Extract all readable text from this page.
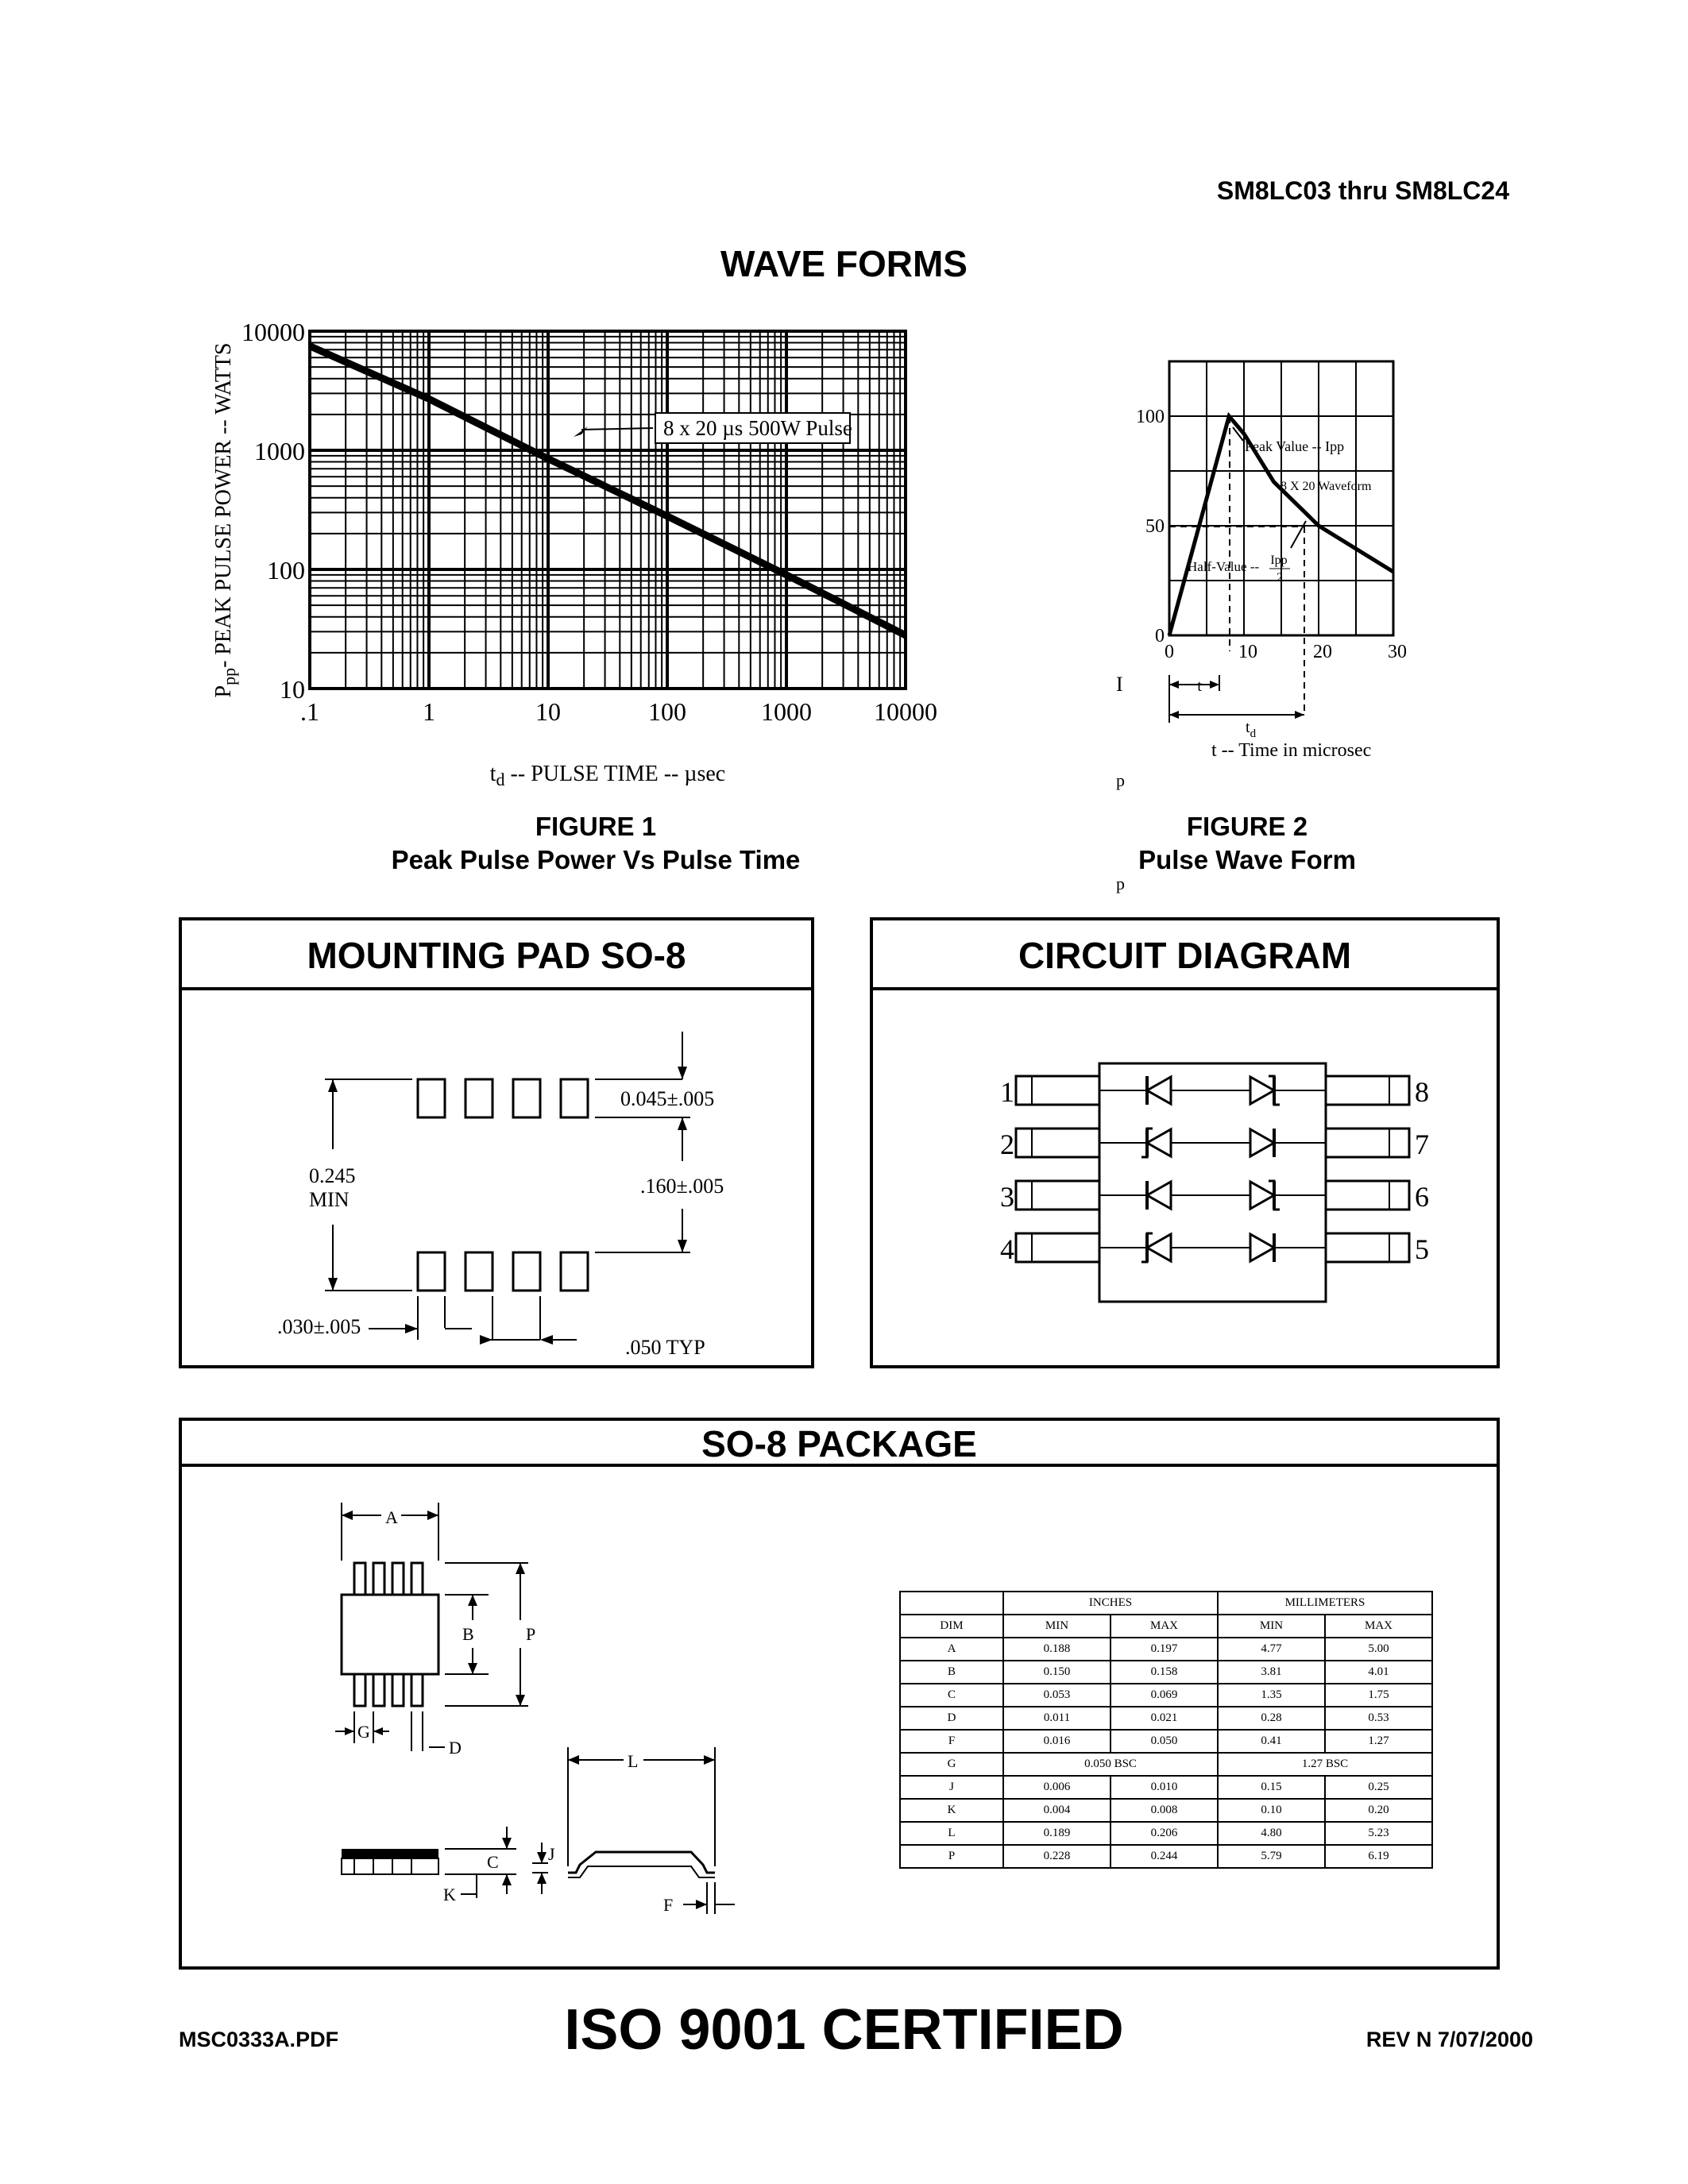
SM8LC03 thru SM8LC24
WAVE FORMS
.1	1	10	100	1000 10000
10
100
1000
10000
8 x 20 µs 500W Pulse
$P_{pp}-$ PEAK PULSE POWER -- WATTS
$t_d$ -- PULSE TIME -- µsec
FIGURE 1
Peak Pulse Power Vs Pulse Time
0	10	20	30
0
50
100
Peak Value -- Ipp
8 X 20 Waveform
Half-Value -- Ipp
2
t
$t_d$
t -- Time in microsec
I
p
p
FIGURE 2
Pulse Wave Form
MOUNTING PAD SO-8
0.045±.005
0.245
MIN
.160±.005
.030±.005
.050 TYP
CIRCUIT DIAGRAM
1	8
2	7
3	6
4	5
SO-8 PACKAGE
A
B	P
G
D
C	J
K
L
F
	INCHES		MILLIMETERS	
DIM	MIN	MAX	MIN	MAX
A	0.188	0.197	4.77	5.00
B	0.150	0.158	3.81	4.01
C	0.053	0.069	1.35	1.75
D	0.011	0.021	0.28	0.53
F	0.016	0.050	0.41	1.27
G	0.050 BSC		1.27 BSC	
J	0.006	0.010	0.15	0.25
K	0.004	0.008	0.10	0.20
L	0.189	0.206	4.80	5.23
P	0.228	0.244	5.79	6.19
MSC0333A.PDF	ISO 9001 CERTIFIED	REV N 7/07/2000
